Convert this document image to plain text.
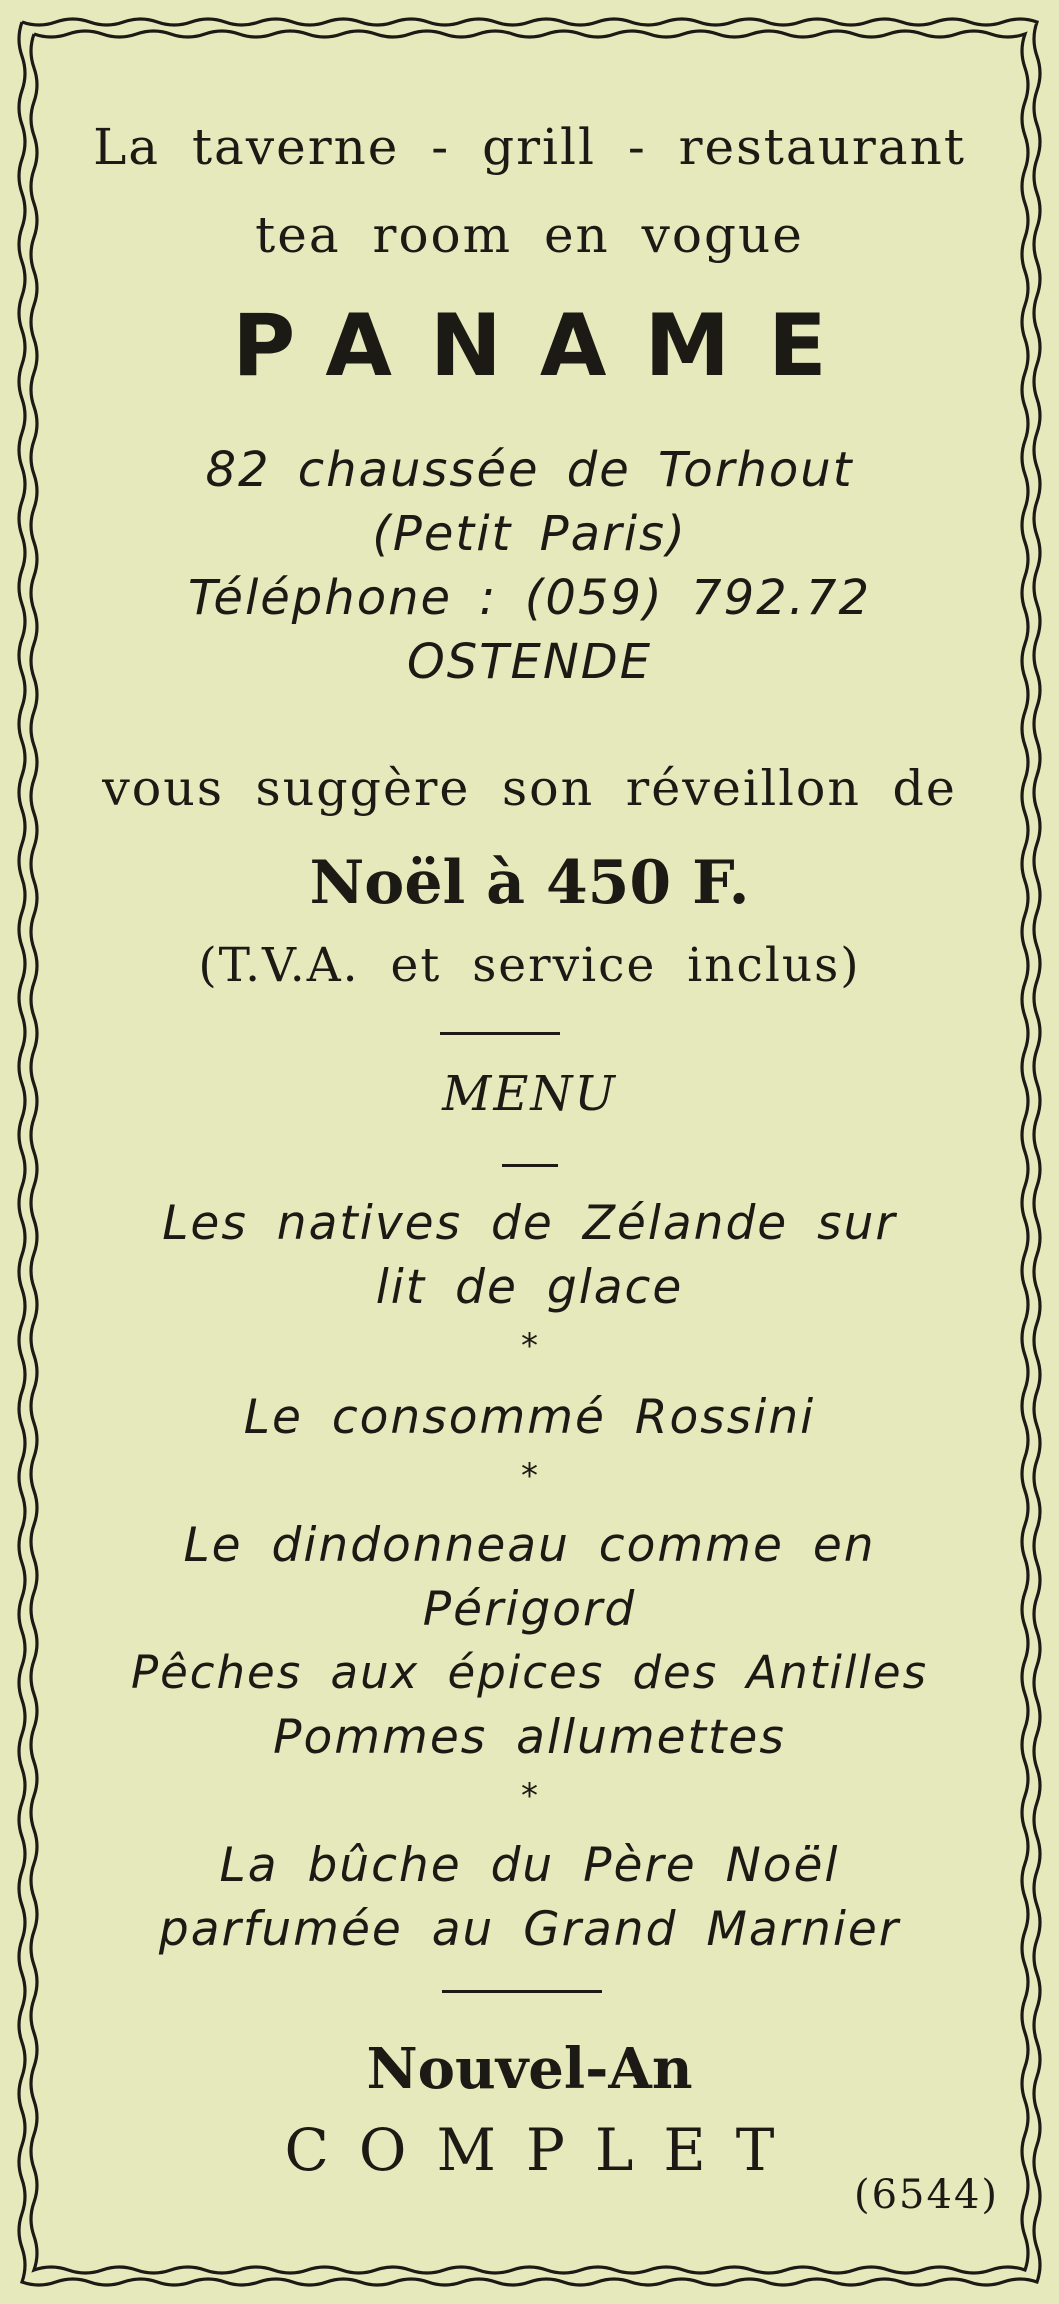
La taverne - grill - restaurant
tea room en vogue
PANAME
82 chaussée de Torhout
(Petit Paris)
Téléphone : (059) 792.72
OSTENDE
vous suggère son réveillon de
Noël à 450 F.
(T.V.A. et service inclus)
MENU
Les natives de Zélande sur
lit de glace
*
Le consommé Rossini
*
Le dindonneau comme en
Périgord
Pêches aux épices des Antilles
Pommes allumettes
*
La bûche du Père Noël
parfumée au Grand Marnier
Nouvel-An
COMPLET
(6544)
